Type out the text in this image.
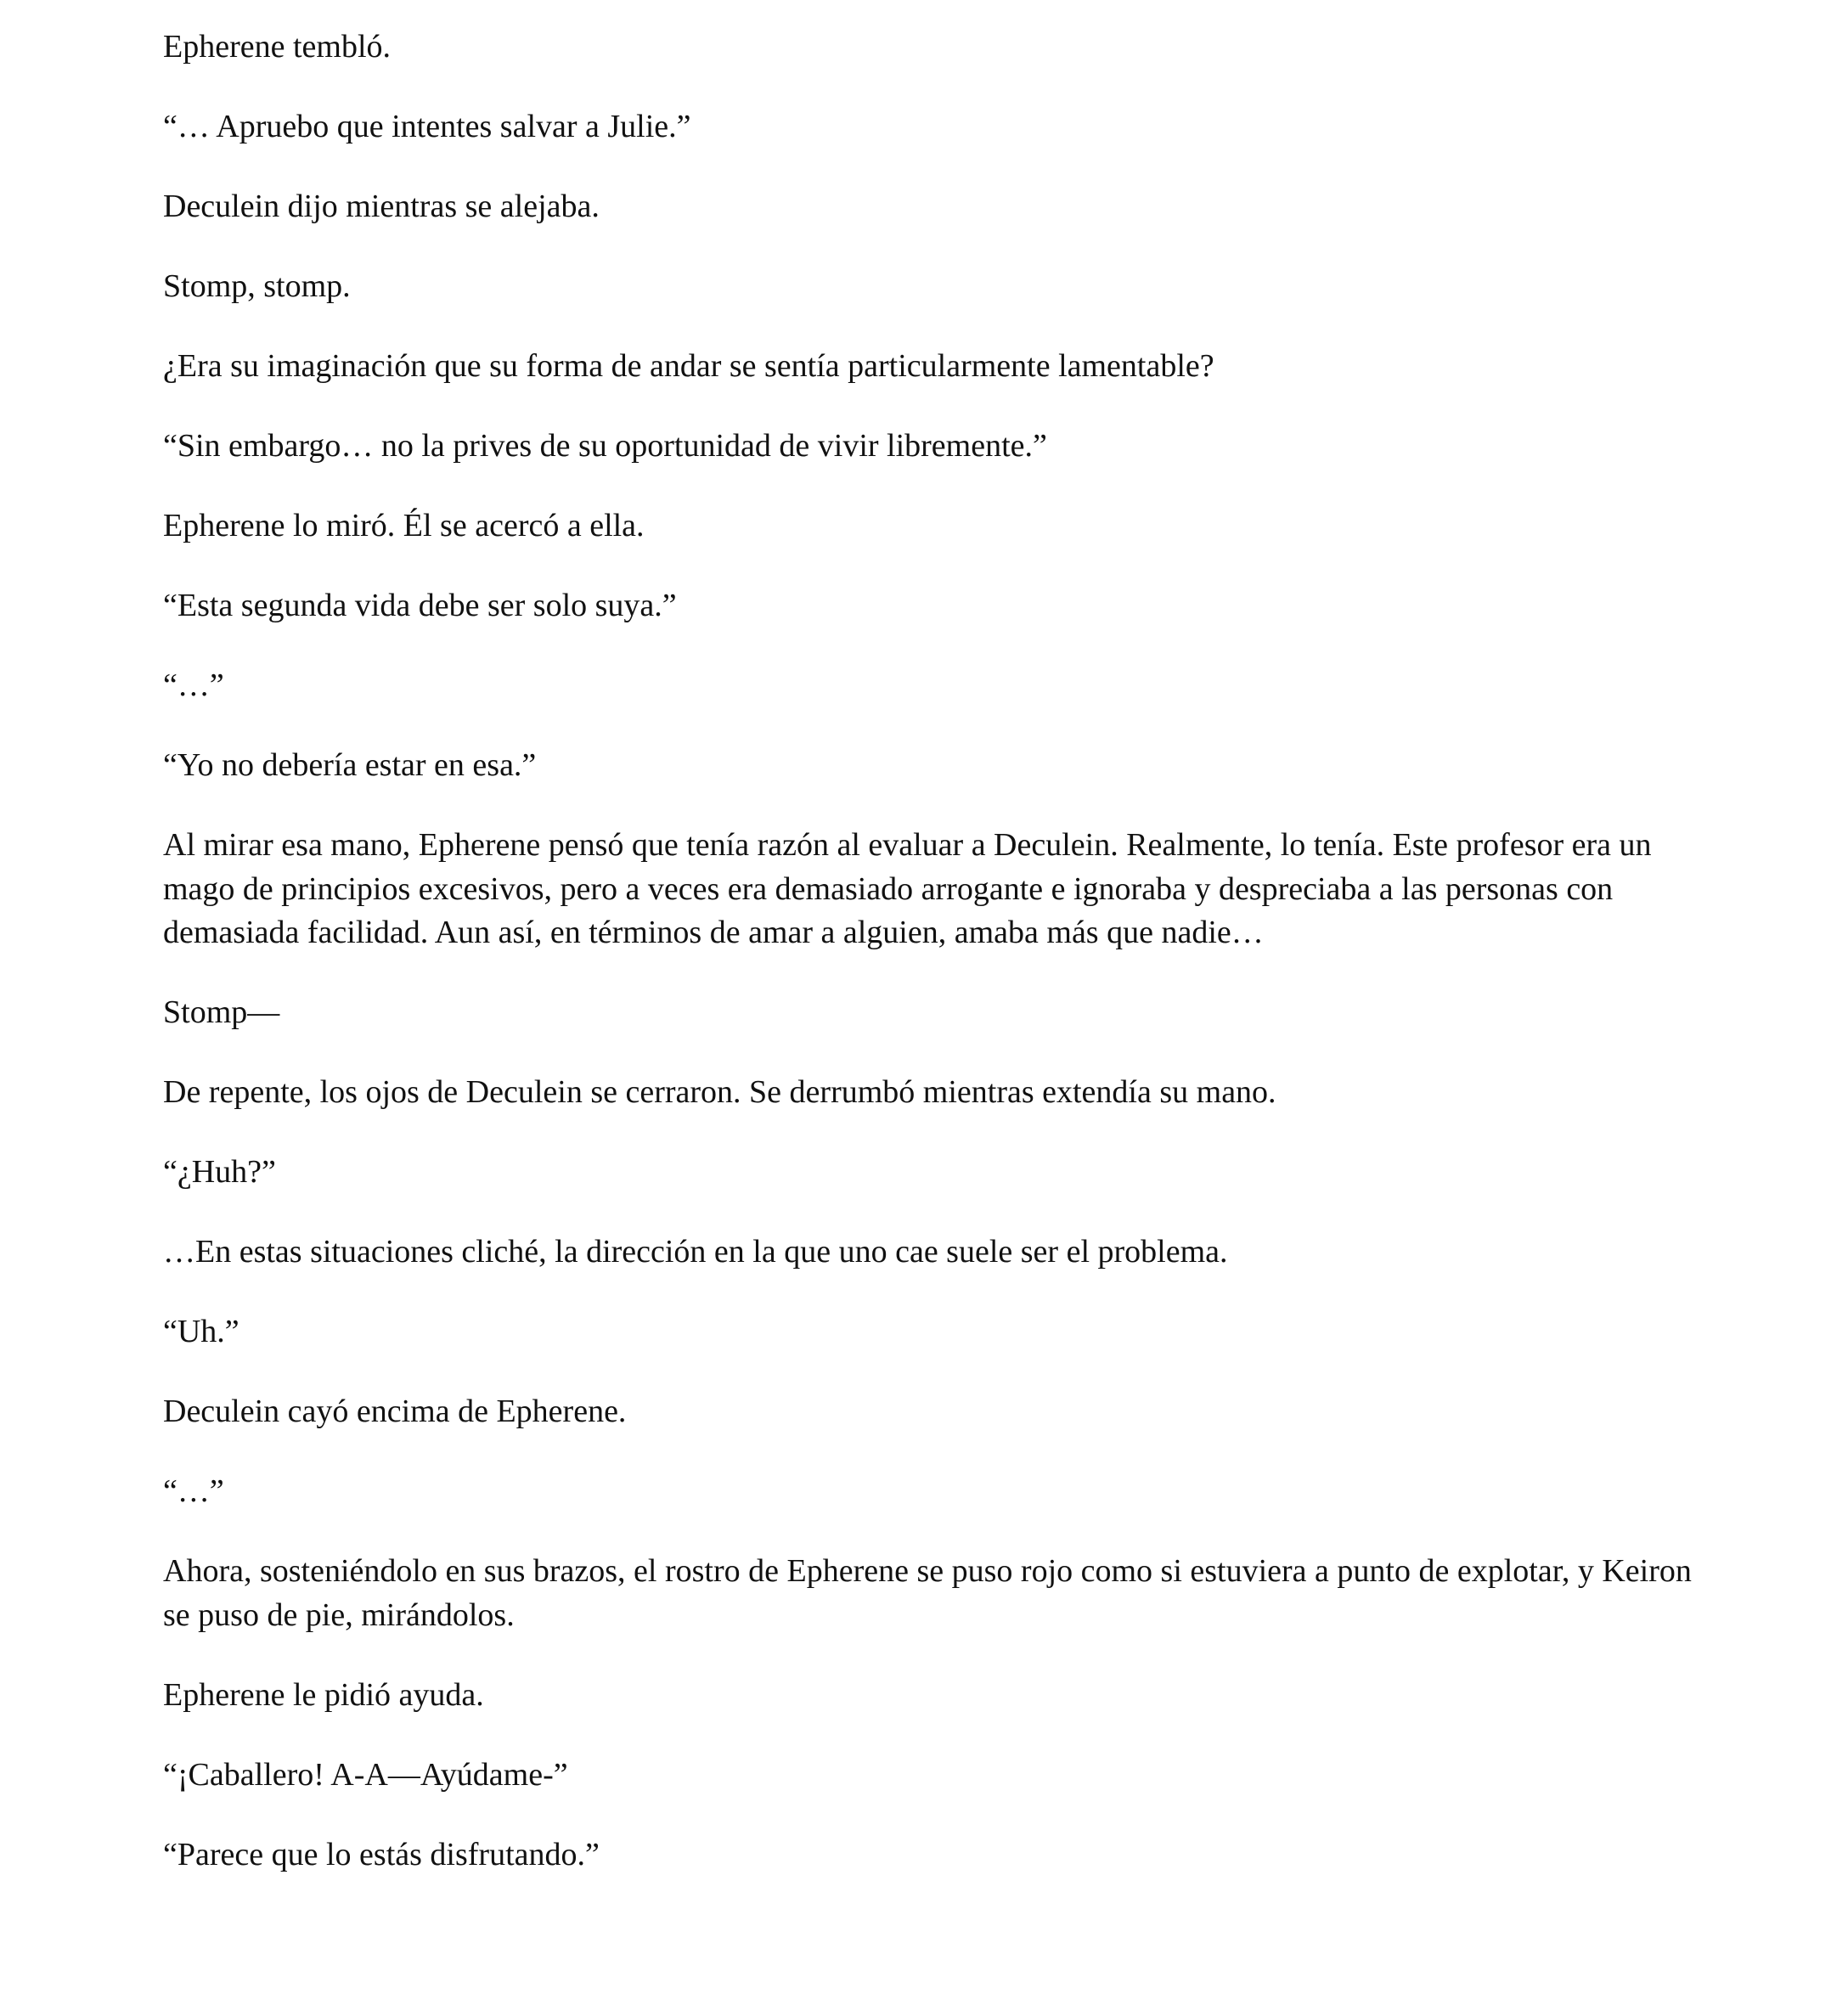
Epherene tembló.

“… Apruebo que intentes salvar a Julie.”

Deculein dijo mientras se alejaba.

Stomp, stomp.

¿Era su imaginación que su forma de andar se sentía particularmente lamentable?

“Sin embargo… no la prives de su oportunidad de vivir libremente.”

Epherene lo miró. Él se acercó a ella.

“Esta segunda vida debe ser solo suya.”

“…”

“Yo no debería estar en esa.”

Al mirar esa mano, Epherene pensó que tenía razón al evaluar a Deculein. Realmente, lo tenía. Este profesor era un mago de principios excesivos, pero a veces era demasiado arrogante e ignoraba y despreciaba a las personas con demasiada facilidad. Aun así, en términos de amar a alguien, amaba más que nadie…

Stomp—

De repente, los ojos de Deculein se cerraron. Se derrumbó mientras extendía su mano.

“¿Huh?”

…En estas situaciones cliché, la dirección en la que uno cae suele ser el problema.

“Uh.”

Deculein cayó encima de Epherene.

“…”

Ahora, sosteniéndolo en sus brazos, el rostro de Epherene se puso rojo como si estuviera a punto de explotar, y Keiron se puso de pie, mirándolos.

Epherene le pidió ayuda.

“¡Caballero! A-A—Ayúdame-”

“Parece que lo estás disfrutando.”
